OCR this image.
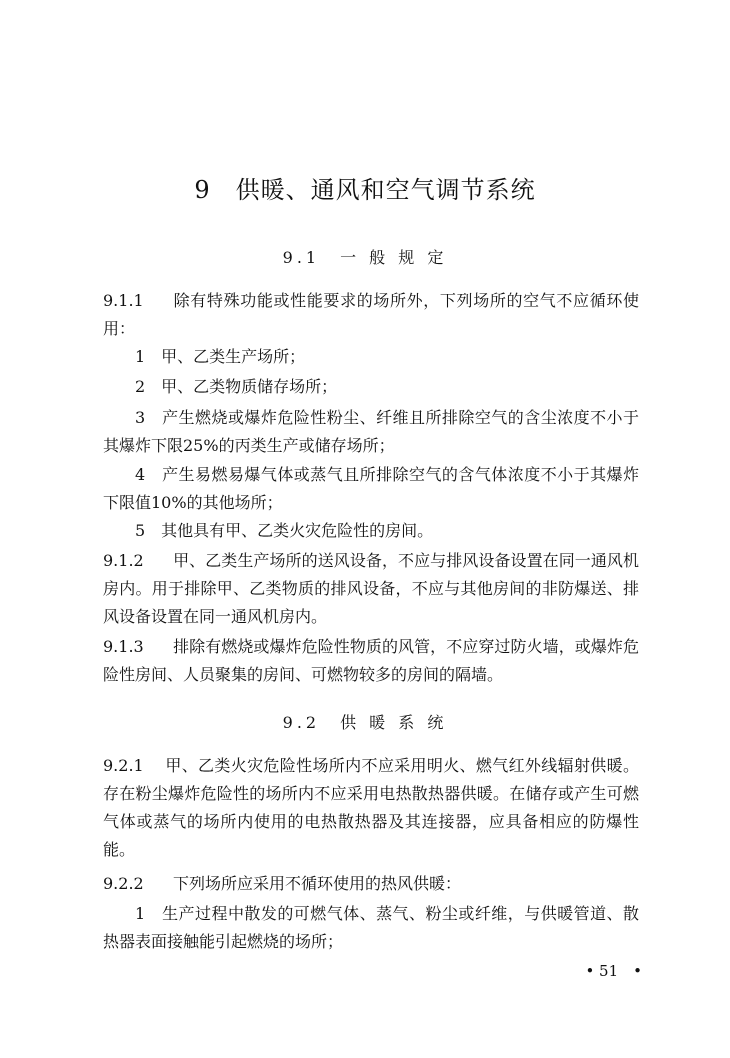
9　供暖、通风和空气调节系统
9.1　一 般 规 定

9.1.1 除有特殊功能或性能要求的场所外，下列场所的空气不应循环使用：

1　甲、乙类生产场所；

2　甲、乙类物质储存场所；

3　产生燃烧或爆炸危险性粉尘、纤维且所排除空气的含尘浓度不小于其爆炸下限25%的丙类生产或储存场所；

4　产生易燃易爆气体或蒸气且所排除空气的含气体浓度不小于其爆炸下限值10%的其他场所；

5　其他具有甲、乙类火灾危险性的房间。

9.1.2 甲、乙类生产场所的送风设备，不应与排风设备设置在同一通风机房内。用于排除甲、乙类物质的排风设备，不应与其他房间的非防爆送、排风设备设置在同一通风机房内。

9.1.3 排除有燃烧或爆炸危险性物质的风管，不应穿过防火墙，或爆炸危险性房间、人员聚集的房间、可燃物较多的房间的隔墙。

9.2　供 暖 系 统

9.2.1 甲、乙类火灾危险性场所内不应采用明火、燃气红外线辐射供暖。存在粉尘爆炸危险性的场所内不应采用电热散热器供暖。在储存或产生可燃气体或蒸气的场所内使用的电热散热器及其连接器，应具备相应的防爆性能。

9.2.2 下列场所应采用不循环使用的热风供暖：

1　生产过程中散发的可燃气体、蒸气、粉尘或纤维，与供暖管道、散热器表面接触能引起燃烧的场所；

• 51　•
